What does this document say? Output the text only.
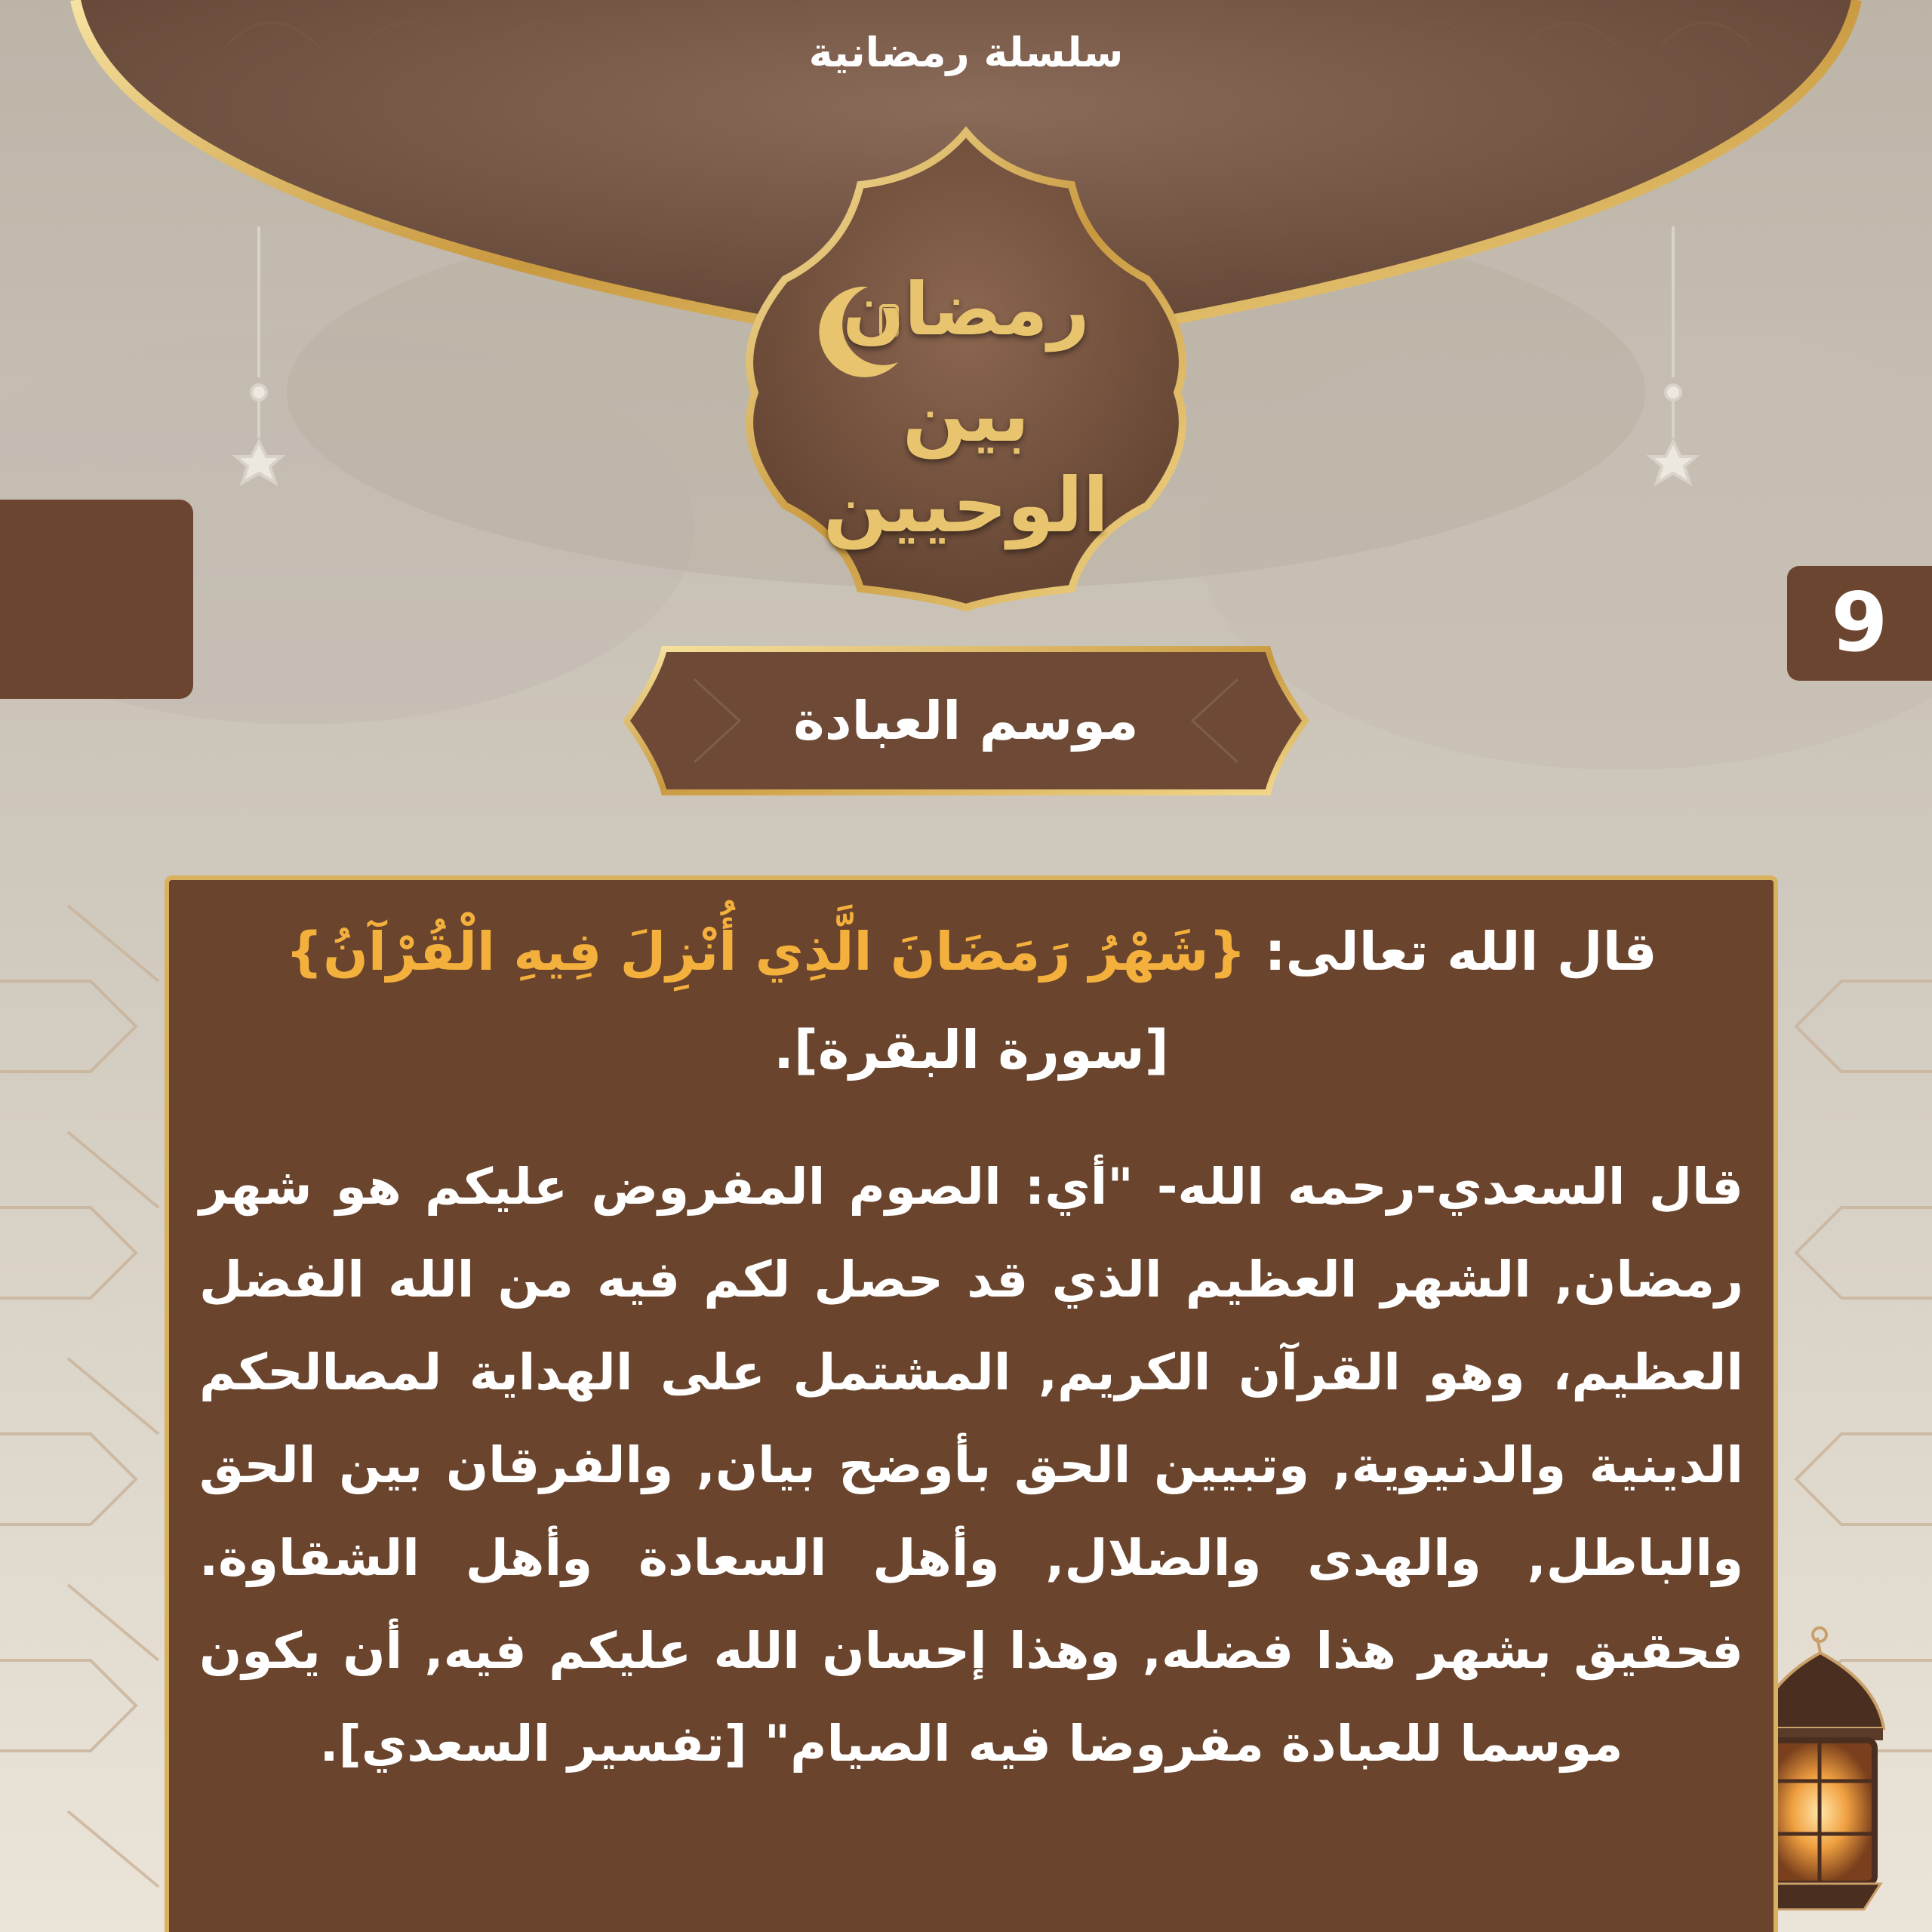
سلسلة رمضانية
رمضان
بين الوحيين
9
موسم العبادة
قال الله تعالى: {شَهْرُ رَمَضَانَ الَّذِي أُنْزِلَ فِيهِ الْقُرْآنُ}
[سورة البقرة].
قال السعدي-رحمه الله- "أي: الصوم المفروض عليكم هو شهر رمضان, الشهر العظيم الذي قد حصل لكم فيه من الله الفضل العظيم، وهو القرآن الكريم, المشتمل على الهداية لمصالحكم الدينية والدنيوية, وتبيين الحق بأوضح بيان, والفرقان بين الحق والباطل, والهدى والضلال, وأهل السعادة وأهل الشقاوة. فحقيق بشهر هذا فضله, وهذا إحسان الله عليكم فيه, أن يكون موسما للعبادة مفروضا فيه الصيام" [تفسير السعدي].
